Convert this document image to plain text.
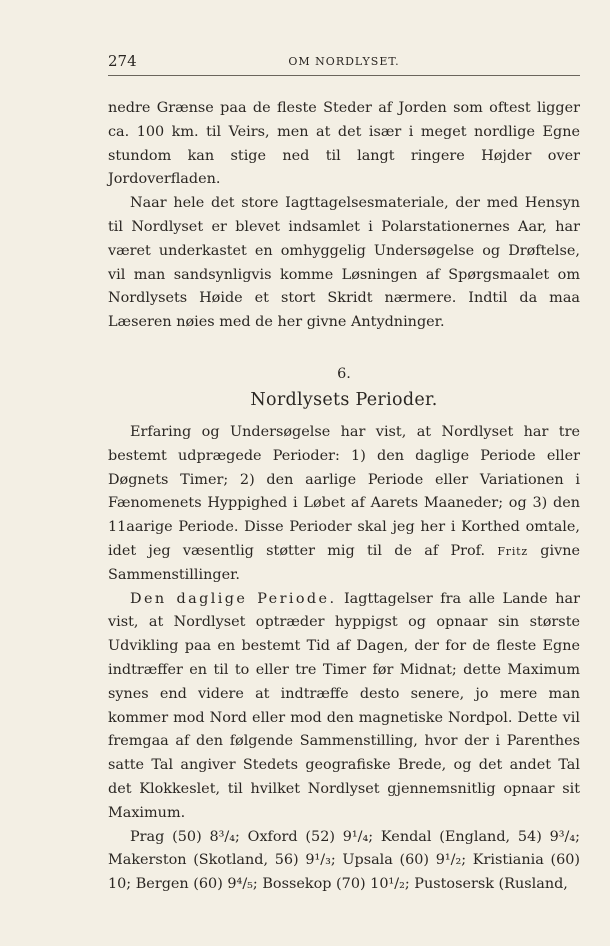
274	OM NORDLYSET.

nedre Grænse paa de fleste Steder af Jorden som oftest ligger ca. 100 km. til Veirs, men at det især i meget nordlige Egne stundom kan stige ned til langt ringere Højder over Jordoverfladen.

Naar hele det store Iagttagelsesmateriale, der med Hensyn til Nordlyset er blevet indsamlet i Polarstationernes Aar, har været underkastet en omhyggelig Undersøgelse og Drøftelse, vil man sandsynligvis komme Løsningen af Spørgsmaalet om Nordlysets Høide et stort Skridt nærmere. Indtil da maa Læseren nøies med de her givne Antydninger.

6.
Nordlysets Perioder.

Erfaring og Undersøgelse har vist, at Nordlyset har tre bestemt udprægede Perioder: 1) den daglige Periode eller Døgnets Timer; 2) den aarlige Periode eller Variationen i Fænomenets Hyppighed i Løbet af Aarets Maaneder; og 3) den 11aarige Periode. Disse Perioder skal jeg her i Korthed omtale, idet jeg væsentlig støtter mig til de af Prof. Fritz givne Sammenstillinger.

Den daglige Periode. Iagttagelser fra alle Lande har vist, at Nordlyset optræder hyppigst og opnaar sin største Udvikling paa en bestemt Tid af Dagen, der for de fleste Egne indtræffer en til to eller tre Timer før Midnat; dette Maximum synes end videre at indtræffe desto senere, jo mere man kommer mod Nord eller mod den magnetiske Nordpol. Dette vil fremgaa af den følgende Sammenstilling, hvor der i Parenthes satte Tal angiver Stedets geografiske Brede, og det andet Tal det Klokkeslet, til hvilket Nordlyset gjennemsnitlig opnaar sit Maximum.

Prag (50) 8³/₄; Oxford (52) 9¹/₄; Kendal (England, 54) 9³/₄; Makerston (Skotland, 56) 9¹/₃; Upsala (60) 9¹/₂; Kristiania (60) 10; Bergen (60) 9⁴/₅; Bossekop (70) 10¹/₂; Pustosersk (Rusland,
